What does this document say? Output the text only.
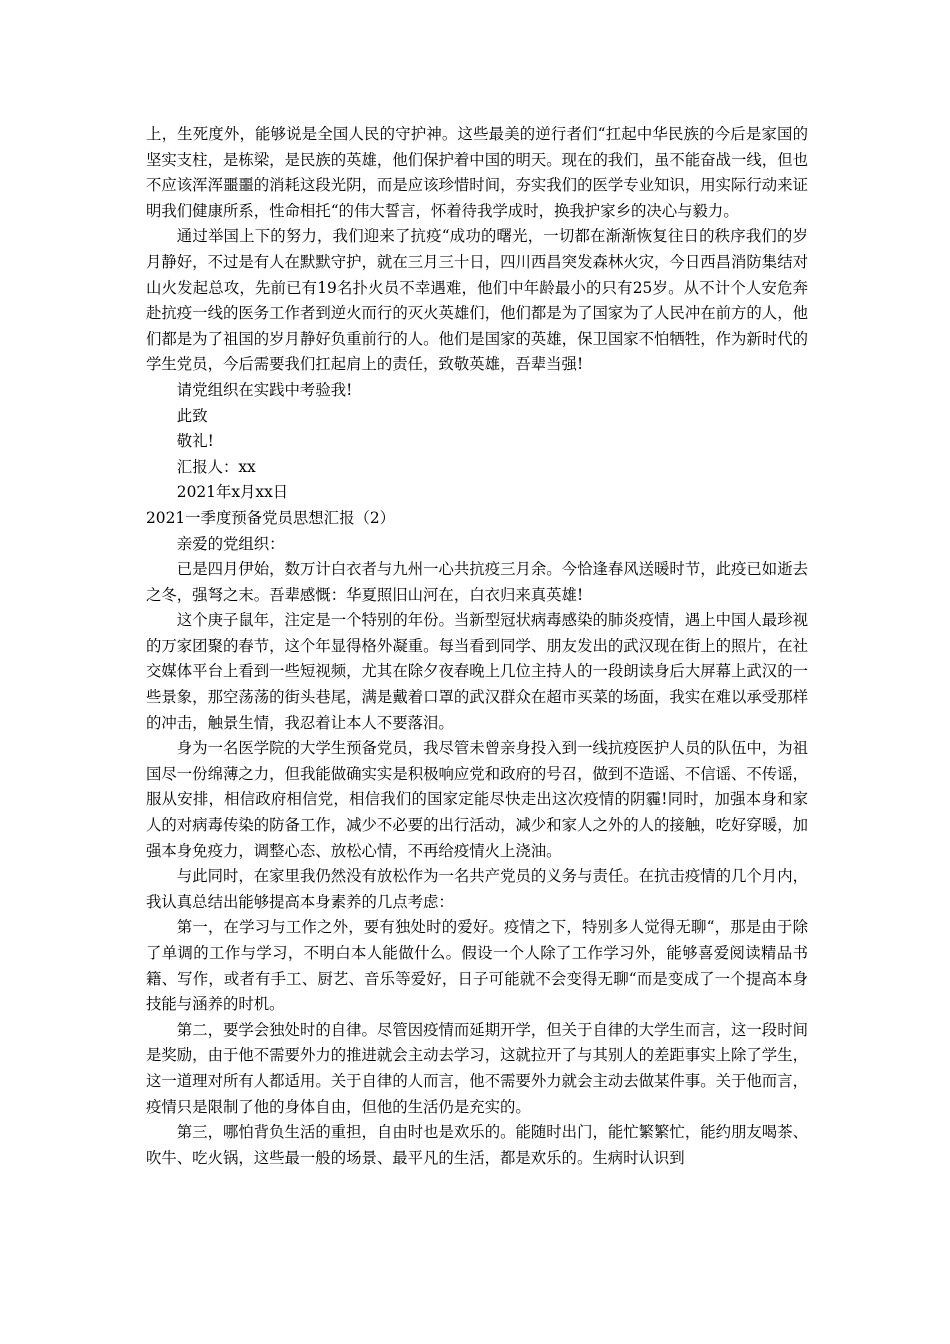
上，生死度外，能够说是全国人民的守护神。这些最美的逆行者们“扛起中华民族的今后是家国的坚实支柱，是栋梁，是民族的英雄，他们保护着中国的明天。现在的我们，虽不能奋战一线，但也不应该浑浑噩噩的消耗这段光阴，而是应该珍惜时间，夯实我们的医学专业知识，用实际行动来证明我们健康所系，性命相托“的伟大誓言，怀着待我学成时，换我护家乡的决心与毅力。

通过举国上下的努力，我们迎来了抗疫“成功的曙光，一切都在渐渐恢复往日的秩序我们的岁月静好，不过是有人在默默守护，就在三月三十日，四川西昌突发森林火灾，今日西昌消防集结对山火发起总攻，先前已有19名扑火员不幸遇难，他们中年龄最小的只有25岁。从不计个人安危奔赴抗疫一线的医务工作者到逆火而行的灭火英雄们，他们都是为了国家为了人民冲在前方的人，他们都是为了祖国的岁月静好负重前行的人。他们是国家的英雄，保卫国家不怕牺牲，作为新时代的学生党员，今后需要我们扛起肩上的责任，致敬英雄，吾辈当强!

请党组织在实践中考验我!

此致

敬礼!

汇报人：xx

2021年x月xx日

2021一季度预备党员思想汇报（2）

亲爱的党组织：

已是四月伊始，数万计白衣者与九州一心共抗疫三月余。今恰逢春风送暖时节，此疫已如逝去之冬，强弩之末。吾辈感慨：华夏照旧山河在，白衣归来真英雄!

这个庚子鼠年，注定是一个特别的年份。当新型冠状病毒感染的肺炎疫情，遇上中国人最珍视的万家团聚的春节，这个年显得格外凝重。每当看到同学、朋友发出的武汉现在街上的照片，在社交媒体平台上看到一些短视频，尤其在除夕夜春晚上几位主持人的一段朗读身后大屏幕上武汉的一些景象，那空荡荡的街头巷尾，满是戴着口罩的武汉群众在超市买菜的场面，我实在难以承受那样的冲击，触景生情，我忍着让本人不要落泪。

身为一名医学院的大学生预备党员，我尽管未曾亲身投入到一线抗疫医护人员的队伍中，为祖国尽一份绵薄之力，但我能做确实实是积极响应党和政府的号召，做到不造谣、不信谣、不传谣，服从安排，相信政府相信党，相信我们的国家定能尽快走出这次疫情的阴霾!同时，加强本身和家人的对病毒传染的防备工作，减少不必要的出行活动，减少和家人之外的人的接触，吃好穿暖，加强本身免疫力，调整心态、放松心情，不再给疫情火上浇油。

与此同时，在家里我仍然没有放松作为一名共产党员的义务与责任。在抗击疫情的几个月内，我认真总结出能够提高本身素养的几点考虑：

第一，在学习与工作之外，要有独处时的爱好。疫情之下，特别多人觉得无聊“，那是由于除了单调的工作与学习，不明白本人能做什么。假设一个人除了工作学习外，能够喜爱阅读精品书籍、写作，或者有手工、厨艺、音乐等爱好，日子可能就不会变得无聊“而是变成了一个提高本身技能与涵养的时机。

第二，要学会独处时的自律。尽管因疫情而延期开学，但关于自律的大学生而言，这一段时间是奖励，由于他不需要外力的推进就会主动去学习，这就拉开了与其别人的差距事实上除了学生，这一道理对所有人都适用。关于自律的人而言，他不需要外力就会主动去做某件事。关于他而言，疫情只是限制了他的身体自由，但他的生活仍是充实的。

第三，哪怕背负生活的重担，自由时也是欢乐的。能随时出门，能忙繁繁忙，能约朋友喝茶、吹牛、吃火锅，这些最一般的场景、最平凡的生活，都是欢乐的。生病时认识到
